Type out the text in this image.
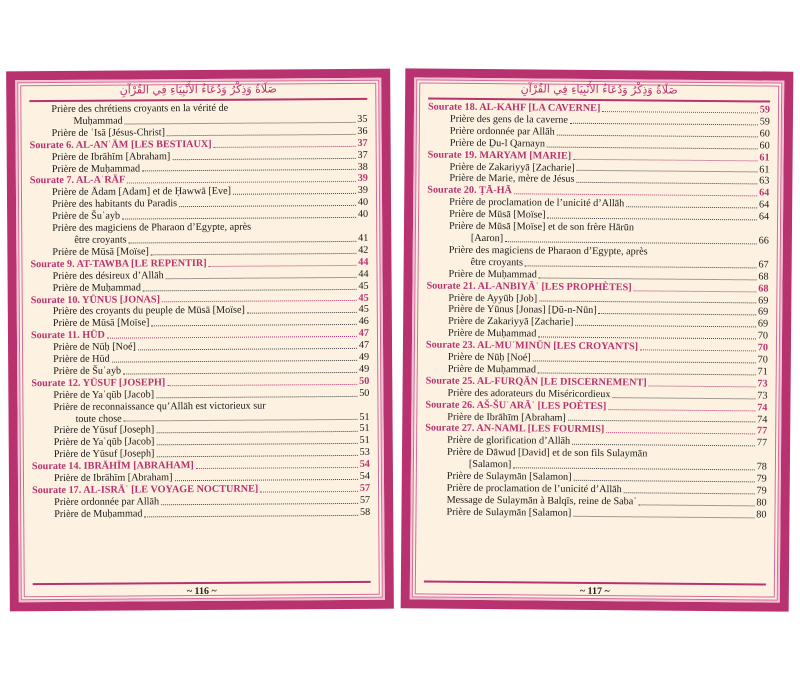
صَلَاةُ وَذِكْرُ وَدُعَاءُ الأَنْبِيَاءِ فِي القُرْآنِ
Prière des chrétiens croyants en la vérité de
Muḥammad	35
Prière de ʿIsā [Jésus-Christ]	36
Sourate 6. AL-ANʿĀM [LES BESTIAUX]	37
Prière de Ibrāhīm [Abraham]	37
Prière de Muḥammad	38
Sourate 7. AL-AʿRĀF	39
Prière de Ādam [Adam] et de Ḥawwā [Eve]	39
Prière des habitants du Paradis	40
Prière de Šuʿayb	40
Prière des magiciens de Pharaon d’Egypte, après
être croyants	41
Prière de Mūsā [Moïse]	42
Sourate 9. AT-TAWBA [LE REPENTIR]	44
Prière des désireux d’Allāh	44
Prière de Muḥammad	45
Sourate 10. YŪNUS [JONAS]	45
Prière des croyants du peuple de Mūsā [Moïse]	45
Prière de Mūsā [Moïse]	46
Sourate 11. HŪD	47
Prière de Nūḥ [Noé]	47
Prière de Hūd	49
Prière de Šuʿayb	49
Sourate 12. YŪSUF [JOSEPH]	50
Prière de Yaʿqūb [Jacob]	50
Prière de reconnaissance qu’Allāh est victorieux sur
toute chose	51
Prière de Yūsuf [Joseph]	51
Prière de Yaʿqūb [Jacob]	51
Prière de Yūsuf [Joseph]	53
Sourate 14. IBRĀHĪM [ABRAHAM]	54
Prière de Ibrāhīm [Abraham]	54
Sourate 17. AL-ISRĀʾ [LE VOYAGE NOCTURNE]	57
Prière ordonnée par Allāh	57
Prière de Muḥammad	58
~ 116 ~
صَلَاةُ وَذِكْرُ وَدُعَاءُ الأَنْبِيَاءِ فِي القُرْآنِ
Sourate 18. AL-KAHF [LA CAVERNE]	59
Prière des gens de la caverne	59
Prière ordonnée par Allāh	60
Prière de Ḏu-l Qarnayn	60
Sourate 19. MARYAM [MARIE]	61
Prière de Zakariyyā [Zacharie]	61
Prière de Marie, mère de Jésus	63
Sourate 20. ṬĀ-HĀ	64
Prière de proclamation de l’unicité d’Allāh	64
Prière de Mūsā [Moïse]	64
Prière de Mūsā [Moïse] et de son frère Hārūn
[Aaron]	66
Prière des magiciens de Pharaon d’Egypte, après
être croyants	67
Prière de Muḥammad	68
Sourate 21. AL-ANBIYĀʾ [LES PROPHÈTES]	68
Prière de Ayyūb [Job]	69
Prière de Yūnus [Jonas] [Ḏū-n-Nūn]	69
Prière de Zakariyyā [Zacharie]	69
Prière de Muḥammad	70
Sourate 23. AL-MUʾMINŪN [LES CROYANTS]	70
Prière de Nūḥ [Noé]	70
Prière de Muḥammad	71
Sourate 25. AL-FURQĀN [LE DISCERNEMENT]	73
Prière des adorateurs du Miséricordieux	73
Sourate 26. AŠ-ŠUʿARĀʾ [LES POÈTES]	74
Prière de Ibrāhīm [Abraham]	74
Sourate 27. AN-NAML [LES FOURMIS]	77
Prière de glorification d’Allāh	77
Prière de Dāwud [David] et de son fils Sulaymān
[Salamon]	78
Prière de Sulaymān [Salamon]	79
Prière de proclamation de l’unicité d’Allāh	79
Message de Sulaymān à Balqīs, reine de Sabaʾ	80
Prière de Sulaymān [Salamon]	80
~ 117 ~
